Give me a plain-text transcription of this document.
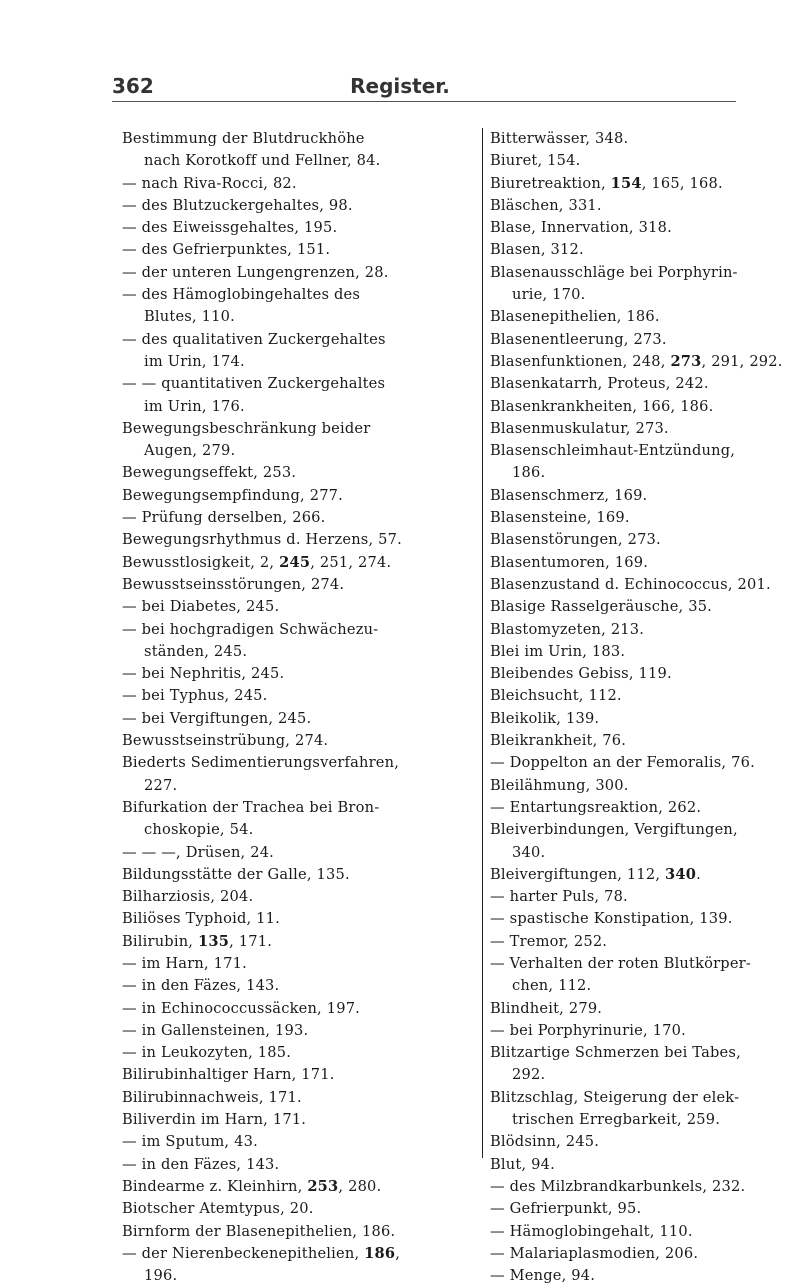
362	Register.
Bestimmung der Blutdruckhöhe
nach Korotkoff und Fellner, 84.
— nach Riva-Rocci, 82.
— des Blutzuckergehaltes, 98.
— des Eiweissgehaltes, 195.
— des Gefrierpunktes, 151.
— der unteren Lungengrenzen, 28.
— des Hämoglobingehaltes des
Blutes, 110.
— des qualitativen Zuckergehaltes
im Urin, 174.
— — quantitativen Zuckergehaltes
im Urin, 176.
Bewegungsbeschränkung beider
Augen, 279.
Bewegungseffekt, 253.
Bewegungsempfindung, 277.
— Prüfung derselben, 266.
Bewegungsrhythmus d. Herzens, 57.
Bewusstlosigkeit, 2, 245, 251, 274.
Bewusstseinsstörungen, 274.
— bei Diabetes, 245.
— bei hochgradigen Schwächezu-
ständen, 245.
— bei Nephritis, 245.
— bei Typhus, 245.
— bei Vergiftungen, 245.
Bewusstseinstrübung, 274.
Biederts Sedimentierungsverfahren,
227.
Bifurkation der Trachea bei Bron-
choskopie, 54.
— — —, Drüsen, 24.
Bildungsstätte der Galle, 135.
Bilharziosis, 204.
Biliöses Typhoid, 11.
Bilirubin, 135, 171.
— im Harn, 171.
— in den Fäzes, 143.
— in Echinococcussäcken, 197.
— in Gallensteinen, 193.
— in Leukozyten, 185.
Bilirubinhaltiger Harn, 171.
Bilirubinnachweis, 171.
Biliverdin im Harn, 171.
— im Sputum, 43.
— in den Fäzes, 143.
Bindearme z. Kleinhirn, 253, 280.
Biotscher Atemtypus, 20.
Birnform der Blasenepithelien, 186.
— der Nierenbeckenepithelien, 186,
196.
Bitterwässer, 348.
Biuret, 154.
Biuretreaktion, 154, 165, 168.
Bläschen, 331.
Blase, Innervation, 318.
Blasen, 312.
Blasenausschläge bei Porphyrin-
urie, 170.
Blasenepithelien, 186.
Blasenentleerung, 273.
Blasenfunktionen, 248, 273, 291, 292.
Blasenkatarrh, Proteus, 242.
Blasenkrankheiten, 166, 186.
Blasenmuskulatur, 273.
Blasenschleimhaut-Entzündung,
186.
Blasenschmerz, 169.
Blasensteine, 169.
Blasenstörungen, 273.
Blasentumoren, 169.
Blasenzustand d. Echinococcus, 201.
Blasige Rasselgeräusche, 35.
Blastomyzeten, 213.
Blei im Urin, 183.
Bleibendes Gebiss, 119.
Bleichsucht, 112.
Bleikolik, 139.
Bleikrankheit, 76.
— Doppelton an der Femoralis, 76.
Bleilähmung, 300.
— Entartungsreaktion, 262.
Bleiverbindungen, Vergiftungen,
340.
Bleivergiftungen, 112, 340.
— harter Puls, 78.
— spastische Konstipation, 139.
— Tremor, 252.
— Verhalten der roten Blutkörper-
chen, 112.
Blindheit, 279.
— bei Porphyrinurie, 170.
Blitzartige Schmerzen bei Tabes,
292.
Blitzschlag, Steigerung der elek-
trischen Erregbarkeit, 259.
Blödsinn, 245.
Blut, 94.
— des Milzbrandkarbunkels, 232.
— Gefrierpunkt, 95.
— Hämoglobingehalt, 110.
— Malariaplasmodien, 206.
— Menge, 94.
